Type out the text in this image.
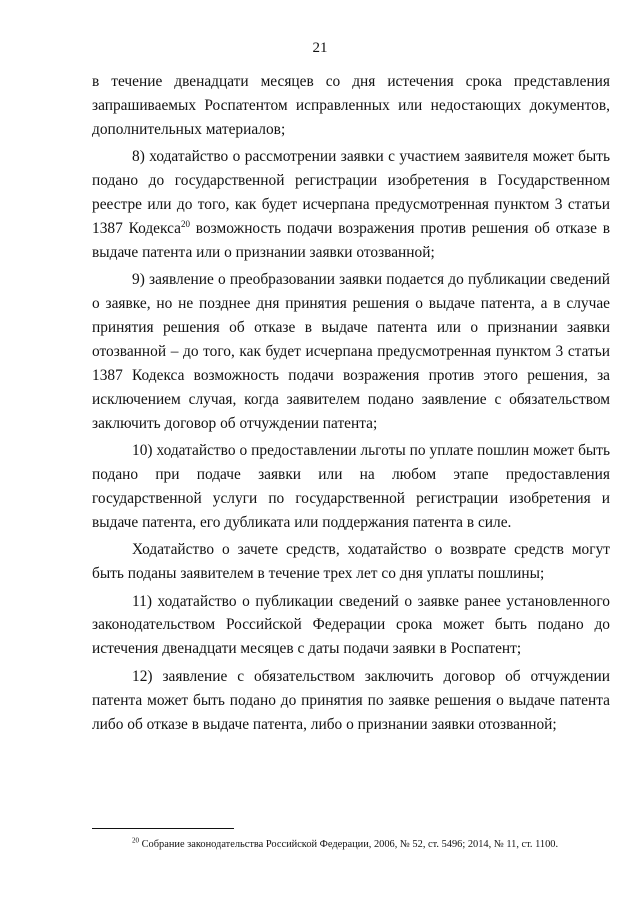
21

в течение двенадцати месяцев со дня истечения срока представления запрашиваемых Роспатентом исправленных или недостающих документов, дополнительных материалов;

8) ходатайство о рассмотрении заявки с участием заявителя может быть подано до государственной регистрации изобретения в Государственном реестре или до того, как будет исчерпана предусмотренная пунктом 3 статьи 1387 Кодекса$^{20}$ возможность подачи возражения против решения об отказе в выдаче патента или о признании заявки отозванной;

9) заявление о преобразовании заявки подается до публикации сведений о заявке, но не позднее дня принятия решения о выдаче патента, а в случае принятия решения об отказе в выдаче патента или о признании заявки отозванной – до того, как будет исчерпана предусмотренная пунктом 3 статьи 1387 Кодекса возможность подачи возражения против этого решения, за исключением случая, когда заявителем подано заявление с обязательством заключить договор об отчуждении патента;

10) ходатайство о предоставлении льготы по уплате пошлин может быть подано при подаче заявки или на любом этапе предоставления государственной услуги по государственной регистрации изобретения и выдаче патента, его дубликата или поддержания патента в силе.

Ходатайство о зачете средств, ходатайство о возврате средств могут быть поданы заявителем в течение трех лет со дня уплаты пошлины;

11) ходатайство о публикации сведений о заявке ранее установленного законодательством Российской Федерации срока может быть подано до истечения двенадцати месяцев с даты подачи заявки в Роспатент;

12) заявление с обязательством заключить договор об отчуждении патента может быть подано до принятия по заявке решения о выдаче патента либо об отказе в выдаче патента, либо о признании заявки отозванной;

$^{20}$ Собрание законодательства Российской Федерации, 2006, № 52, ст. 5496; 2014, № 11, ст. 1100.
